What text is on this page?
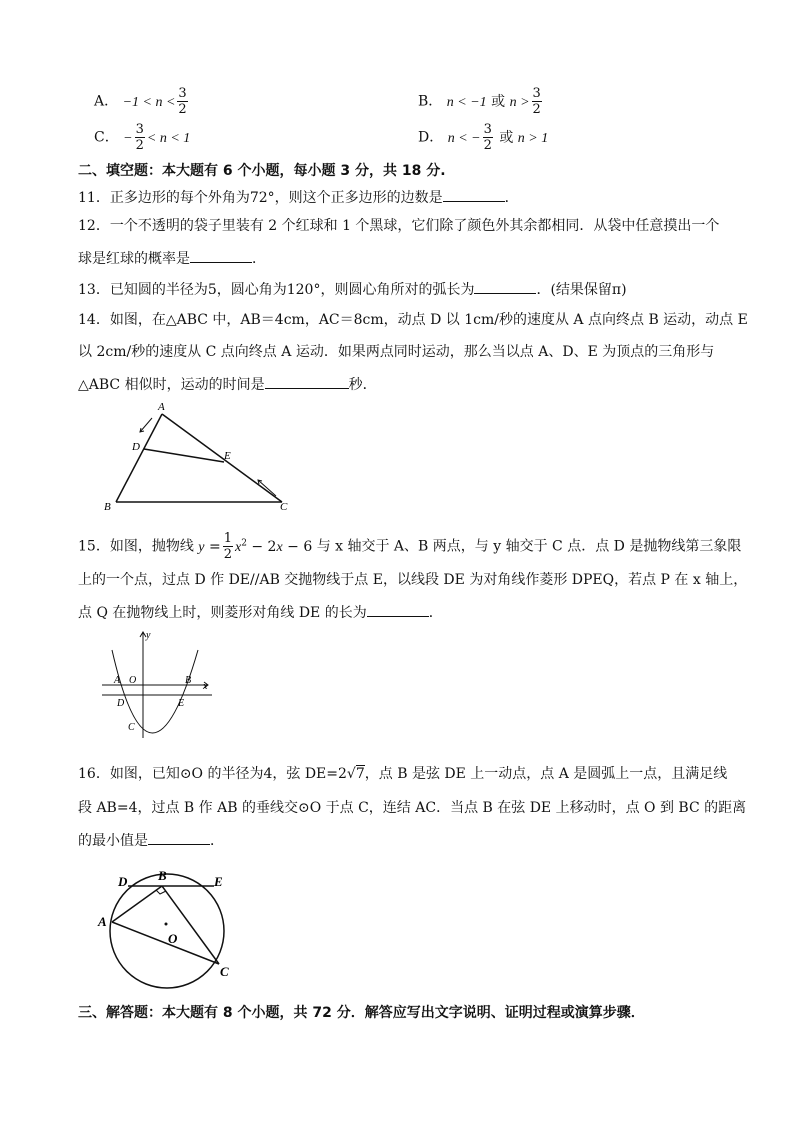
A． $-1 < n < \frac{3}{2}$	B． n < −1 或 $n > \frac{3}{2}$
C． − $\frac{3}{2} < n < 1$	D． n < − $\frac{3}{2}$ 或 n > 1
二、填空题：本大题有 6 个小题，每小题 3 分，共 18 分.
11．正多边形的每个外角为72°，则这个正多边形的边数是	．
12．一个不透明的袋子里装有 2 个红球和 1 个黑球，它们除了颜色外其余都相同．从袋中任意摸出一个
球是红球的概率是	．
13．已知圆的半径为5，圆心角为120°，则圆心角所对的弧长为	．(结果保留π)
14．如图，在△ABC 中，AB＝4cm，AC＝8cm，动点 D 以 1cm/秒的速度从 A 点向终点 B 运动，动点 E
以 2cm/秒的速度从 C 点向终点 A 运动．如果两点同时运动，那么当以点 A、D、E 为顶点的三角形与
△ABC 相似时，运动的时间是	秒．
A
B	C
D
E
15．如图，抛物线 $y = \frac{1}{2} x^2 - 2x - 6$ 与 x 轴交于 A、B 两点，与 y 轴交于 C 点．点 D 是抛物线第三象限
上的一个点，过点 D 作 DE//AB 交抛物线于点 E，以线段 DE 为对角线作菱形 DPEQ，若点 P 在 x 轴上，
点 Q 在抛物线上时，则菱形对角线 DE 的长为	．
y
x
A O	B
D	E
C
16．如图，已知⊙O 的半径为4，弦 DE=2√7，点 B 是弦 DE 上一动点，点 A 是圆弧上一点，且满足线
段 AB=4，过点 B 作 AB 的垂线交⊙O 于点 C，连结 AC．当点 B 在弦 DE 上移动时，点 O 到 BC 的距离
的最小值是	．
D B	E
A
O
C
三、解答题：本大题有 8 个小题，共 72 分．解答应写出文字说明、证明过程或演算步骤．
